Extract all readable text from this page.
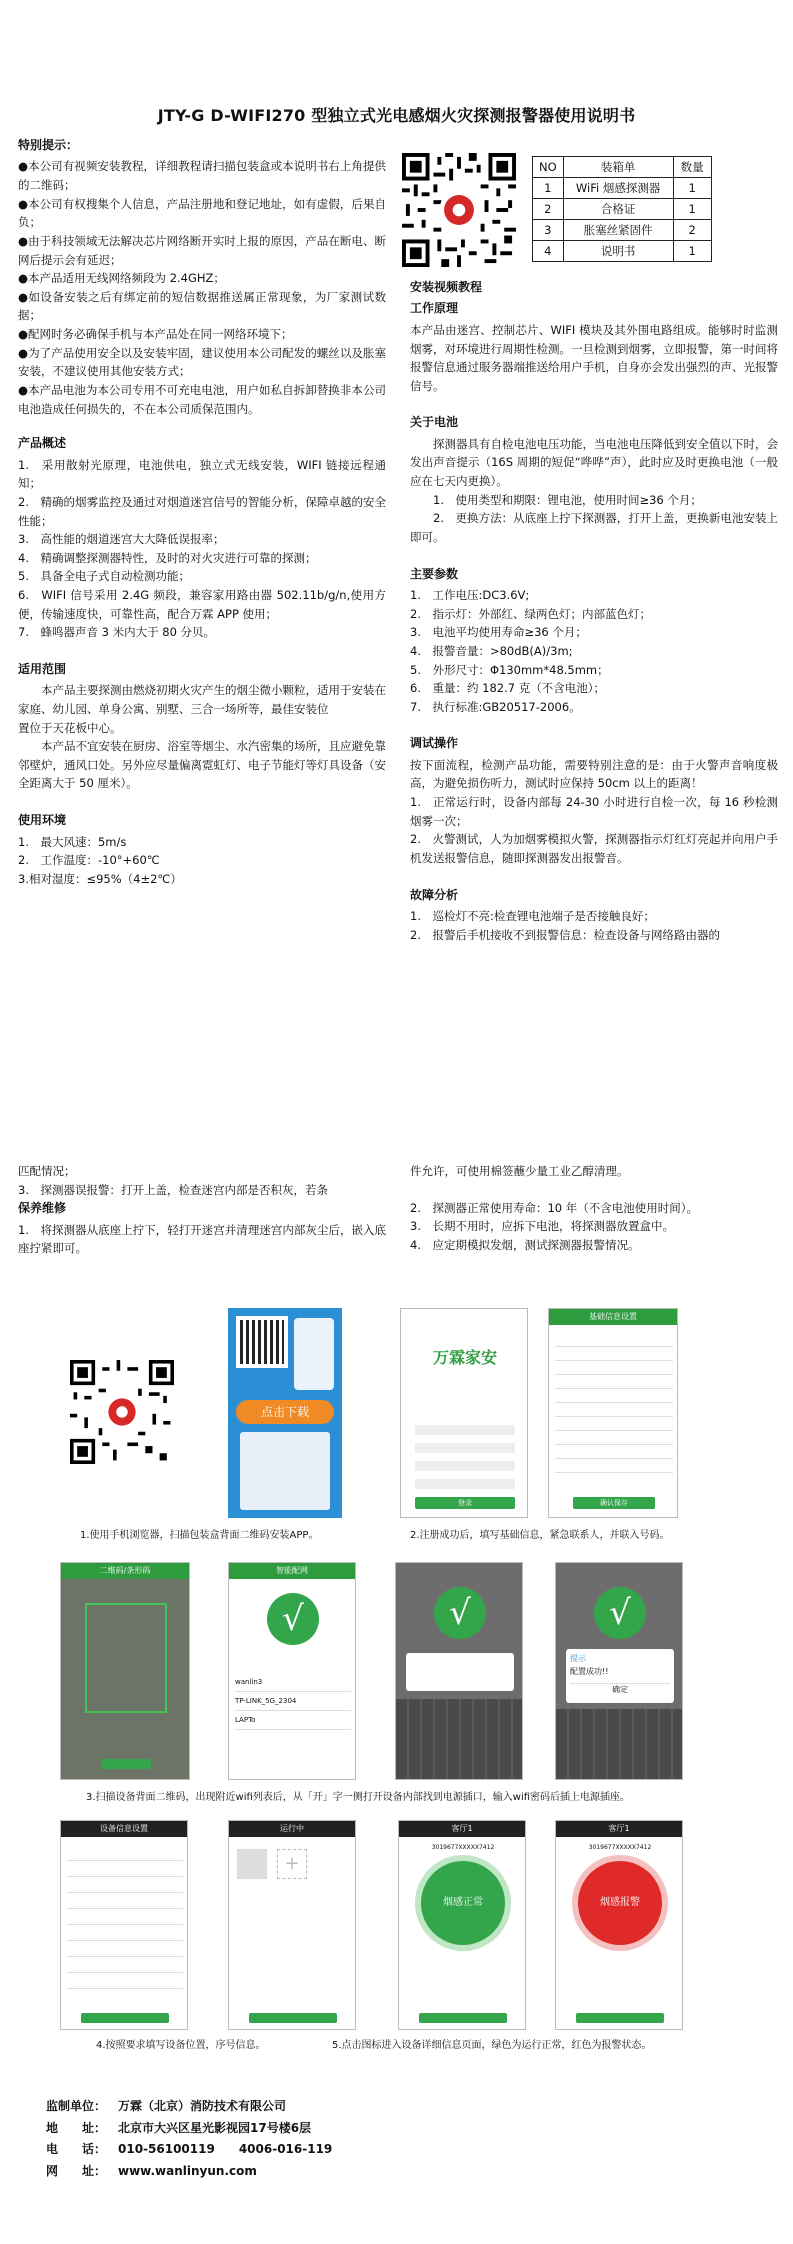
JTY-G D-WIFI270 型独立式光电感烟火灾探测报警器使用说明书
特别提示：
●本公司有视频安装教程，详细教程请扫描包装盒或本说明书右上角提供的二维码；
●本公司有权搜集个人信息，产品注册地和登记地址，如有虚假，后果自负；
●由于科技领域无法解决芯片网络断开实时上报的原因，产品在断电、断网后提示会有延迟；
●本产品适用无线网络频段为 2.4GHZ；
●如设备安装之后有绑定前的短信数据推送属正常现象，为厂家测试数据；
●配网时务必确保手机与本产品处在同一网络环境下；
●为了产品使用安全以及安装牢固，建议使用本公司配发的螺丝以及胀塞安装，不建议使用其他安装方式；
●本产品电池为本公司专用不可充电电池，用户如私自拆卸替换非本公司电池造成任何损失的，不在本公司质保范围内。
产品概述
1.　采用散射光原理，电池供电，独立式无线安装，WIFI 链接远程通知；
2.　精确的烟雾监控及通过对烟道迷宫信号的智能分析，保障卓越的安全性能；
3.　高性能的烟道迷宫大大降低误报率；
4.　精确调整探测器特性，及时的对火灾进行可靠的探测；
5.　具备全电子式自动检测功能；
6.　WIFI 信号采用 2.4G 频段，兼容家用路由器 502.11b/g/n,使用方便，传输速度快，可靠性高，配合万霖 APP 使用；
7.　蜂鸣器声音 3 米内大于 80 分贝。
适用范围
本产品主要探测由燃烧初期火灾产生的烟尘微小颗粒，适用于安装在家庭、幼儿园、单身公寓、别墅、三合一场所等，最佳安装位
置位于天花板中心。
本产品不宜安装在厨房、浴室等烟尘、水汽密集的场所，且应避免靠邻壁炉，通风口处。另外应尽量偏离霓虹灯、电子节能灯等灯具设备（安全距离大于 50 厘米）。
使用环境
1.　最大风速：5m/s
2.　工作温度：-10°+60℃
3.相对湿度：≤95%（4±2℃）
NO	装箱单	数量
1	WiFi 烟感探测器	1
2	合格证	1
3	胀塞丝紧固件	2
4	说明书	1
安装视频教程
工作原理
本产品由迷宫、控制芯片、WIFI 模块及其外围电路组成。能够时时监测烟雾，对环境进行周期性检测。一旦检测到烟雾，立即报警，第一时间将报警信息通过服务器端推送给用户手机，自身亦会发出强烈的声、光报警信号。
关于电池
探测器具有自检电池电压功能，当电池电压降低到安全值以下时，会发出声音提示（16S 周期的短促“哗哗”声），此时应及时更换电池（一般应在七天内更换）。
1.　使用类型和期限：锂电池，使用时间≥36 个月；
2.　更换方法：从底座上拧下探测器，打开上盖，更换新电池安装上即可。
主要参数
1.　工作电压:DC3.6V;
2.　指示灯：外部红、绿两色灯；内部蓝色灯；
3.　电池平均使用寿命≥36 个月；
4.　报警音量：>80dB(A)/3m;
5.　外形尺寸：Φ130mm*48.5mm；
6.　重量：约 182.7 克（不含电池）；
7.　执行标准:GB20517-2006。
调试操作
按下面流程，检测产品功能，需要特别注意的是：由于火警声音响度极高，为避免损伤听力，测试时应保持 50cm 以上的距离！
1.　正常运行时，设备内部每 24-30 小时进行自检一次，每 16 秒检测烟雾一次；
2.　火警测试，人为加烟雾模拟火警，探测器指示灯红灯亮起并向用户手机发送报警信息，随即探测器发出报警音。
故障分析
1.　巡检灯不亮:检查锂电池端子是否接触良好；
2.　报警后手机接收不到报警信息：检查设备与网络路由器的
匹配情况；
3.　探测器误报警：打开上盖，检查迷宫内部是否积灰，若条
保养维修
1.　将探测器从底座上拧下，轻打开迷宫并清理迷宫内部灰尘后，嵌入底座拧紧即可。
件允许，可使用棉签蘸少量工业乙醇清理。
2.　探测器正常使用寿命：10 年（不含电池使用时间）。
3.　长期不用时，应拆下电池，将探测器放置盒中。
4.　应定期模拟发烟，测试探测器报警情况。
点击下载
万霖家安
登录
基础信息设置
确认保存
1.使用手机浏览器，扫描包装盒背面二维码安装APP。	2.注册成功后，填写基础信息，紧急联系人，并联入号码。
二维码/条形码	智能配网
√
wanlin3
TP-LINK_5G_2304
LAPTo
√	√
提示
配置成功!!
确定
3.扫描设备背面二维码，出现附近wifi列表后，从「开」字一侧打开设备内部找到电源插口，输入wifi密码后插上电源插座。
设备信息设置	运行中
+
客厅1
3019677XXXXX7412
烟感正常
客厅1
3019677XXXXX7412
烟感报警
4.按照要求填写设备位置，序号信息。	5.点击图标进入设备详细信息页面，绿色为运行正常，红色为报警状态。
监制单位： 万霖（北京）消防技术有限公司
地　　址： 北京市大兴区星光影视园17号楼6层
电　　话： 010-56100119　　4006-016-119
网　　址： www.wanlinyun.com
